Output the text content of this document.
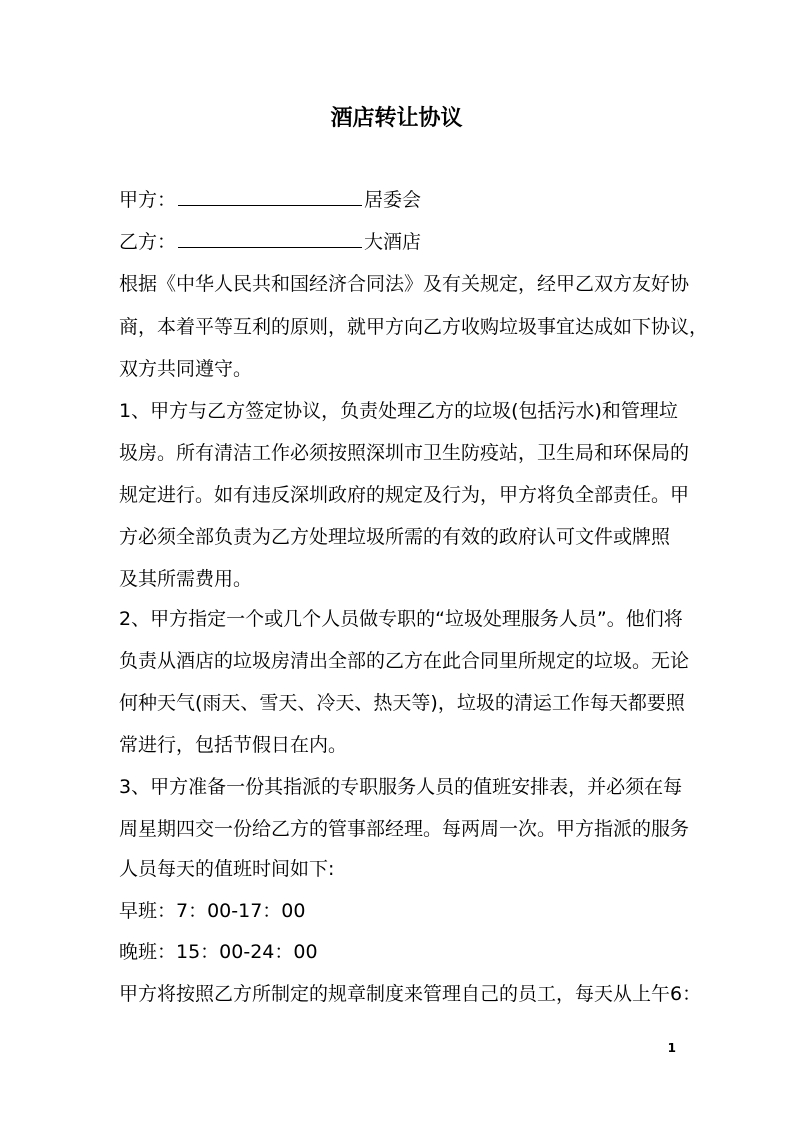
酒店转让协议
甲方：	居委会
乙方：	大酒店
根据《中华人民共和国经济合同法》及有关规定，经甲乙双方友好协
商，本着平等互利的原则，就甲方向乙方收购垃圾事宜达成如下协议，
双方共同遵守。
1、甲方与乙方签定协议，负责处理乙方的垃圾(包括污水)和管理垃
圾房。所有清洁工作必须按照深圳市卫生防疫站，卫生局和环保局的
规定进行。如有违反深圳政府的规定及行为，甲方将负全部责任。甲
方必须全部负责为乙方处理垃圾所需的有效的政府认可文件或牌照
及其所需费用。
2、甲方指定一个或几个人员做专职的“垃圾处理服务人员”。他们将
负责从酒店的垃圾房清出全部的乙方在此合同里所规定的垃圾。无论
何种天气(雨天、雪天、冷天、热天等)，垃圾的清运工作每天都要照
常进行，包括节假日在内。
3、甲方准备一份其指派的专职服务人员的值班安排表，并必须在每
周星期四交一份给乙方的管事部经理。每两周一次。甲方指派的服务
人员每天的值班时间如下:
早班：7：00-17：00
晚班：15：00-24：00
甲方将按照乙方所制定的规章制度来管理自己的员工，每天从上午6：
1
